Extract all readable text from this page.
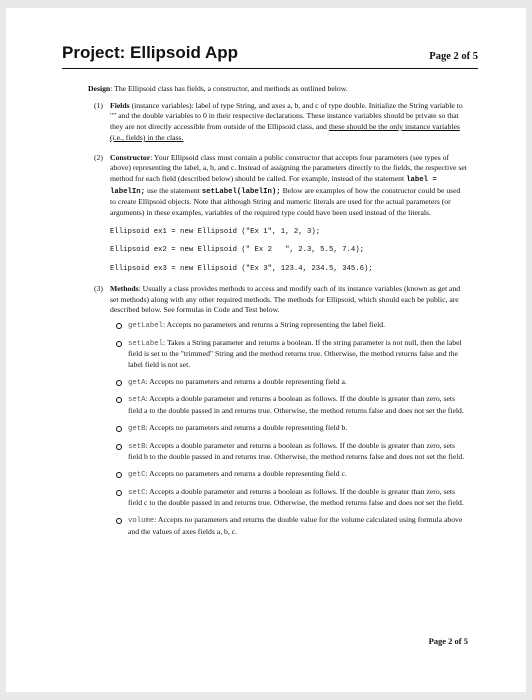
Project: Ellipsoid App	Page 2 of 5

Design: The Ellipsoid class has fields, a constructor, and methods as outlined below.

(1) Fields (instance variables): label of type String, and axes a, b, and c of type double. Initialize the String variable to "" and the double variables to 0 in their respective declarations. These instance variables should be private so that they are not directly accessible from outside of the Ellipsoid class, and these should be the only instance variables (i.e., fields) in the class.
(2) Constructor: Your Ellipsoid class must contain a public constructor that accepts four parameters (see types of above) representing the label, a, b, and c. Instead of assigning the parameters directly to the fields, the respective set method for each field (described below) should be called. For example, instead of the statement label = labelIn; use the statement setLabel(labelIn); Below are examples of how the constructor could be used to create Ellipsoid objects. Note that although String and numeric literals are used for the actual parameters (or arguments) in these examples, variables of the required type could have been used instead of the literals.
Ellipsoid ex1 = new Ellipsoid ("Ex 1", 1, 2, 3);
Ellipsoid ex2 = new Ellipsoid (" Ex 2   ", 2.3, 5.5, 7.4);
Ellipsoid ex3 = new Ellipsoid ("Ex 3", 123.4, 234.5, 345.6);
(3) Methods: Usually a class provides methods to access and modify each of its instance variables (known as get and set methods) along with any other required methods. The methods for Ellipsoid, which should each be public, are described below. See formulas in Code and Test below.
getLabel: Accepts no parameters and returns a String representing the label field.
setLabel: Takes a String parameter and returns a boolean. If the string parameter is not null, then the label field is set to the "trimmed" String and the method returns true. Otherwise, the method returns false and the label field is not set.
getA: Accepts no parameters and returns a double representing field a.
setA: Accepts a double parameter and returns a boolean as follows. If the double is greater than zero, sets field a to the double passed in and returns true. Otherwise, the method returns false and does not set the field.
getB: Accepts no parameters and returns a double representing field b.
setB: Accepts a double parameter and returns a boolean as follows. If the double is greater than zero, sets field b to the double passed in and returns true. Otherwise, the method returns false and does not set the field.
getC: Accepts no parameters and returns a double representing field c.
setC: Accepts a double parameter and returns a boolean as follows. If the double is greater than zero, sets field c to the double passed in and returns true. Otherwise, the method returns false and does not set the field.
volume: Accepts no parameters and returns the double value for the volume calculated using formula above and the values of axes fields a, b, c.
Page 2 of 5
